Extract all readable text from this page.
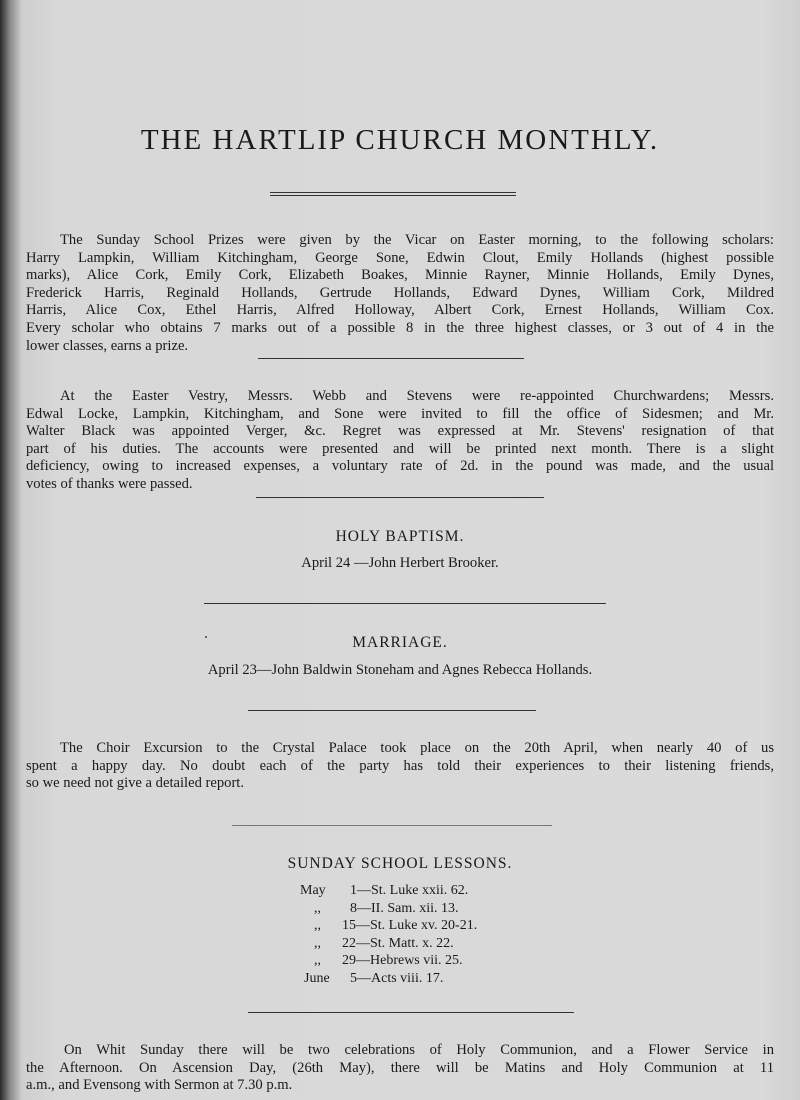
THE HARTLIP CHURCH MONTHLY.
The Sunday School Prizes were given by the Vicar on Easter morning, to the following scholars:
Harry Lampkin, William Kitchingham, George Sone, Edwin Clout, Emily Hollands (highest possible
marks), Alice Cork, Emily Cork, Elizabeth Boakes, Minnie Rayner, Minnie Hollands, Emily Dynes,
Frederick Harris, Reginald Hollands, Gertrude Hollands, Edward Dynes, William Cork, Mildred
Harris, Alice Cox, Ethel Harris, Alfred Holloway, Albert Cork, Ernest Hollands, William Cox.
Every scholar who obtains 7 marks out of a possible 8 in the three highest classes, or 3 out of 4 in the
lower classes, earns a prize.
At the Easter Vestry, Messrs. Webb and Stevens were re-appointed Churchwardens; Messrs.
Edwal Locke, Lampkin, Kitchingham, and Sone were invited to fill the office of Sidesmen; and Mr.
Walter Black was appointed Verger, &c. Regret was expressed at Mr. Stevens' resignation of that
part of his duties. The accounts were presented and will be printed next month. There is a slight
deficiency, owing to increased expenses, a voluntary rate of 2d. in the pound was made, and the usual
votes of thanks were passed.
HOLY BAPTISM.
April 24 —John Herbert Brooker.
MARRIAGE.
April 23—John Baldwin Stoneham and Agnes Rebecca Hollands.
The Choir Excursion to the Crystal Palace took place on the 20th April, when nearly 40 of us
spent a happy day. No doubt each of the party has told their experiences to their listening friends,
so we need not give a detailed report.
SUNDAY SCHOOL LESSONS.
May 1—St. Luke xxii. 62.
,, 8—II. Sam. xii. 13.
,, 15—St. Luke xv. 20-21.
,, 22—St. Matt. x. 22.
,, 29—Hebrews vii. 25.
June 5—Acts viii. 17.
On Whit Sunday there will be two celebrations of Holy Communion, and a Flower Service in
the Afternoon. On Ascension Day, (26th May), there will be Matins and Holy Communion at 11
a.m., and Evensong with Sermon at 7.30 p.m.
